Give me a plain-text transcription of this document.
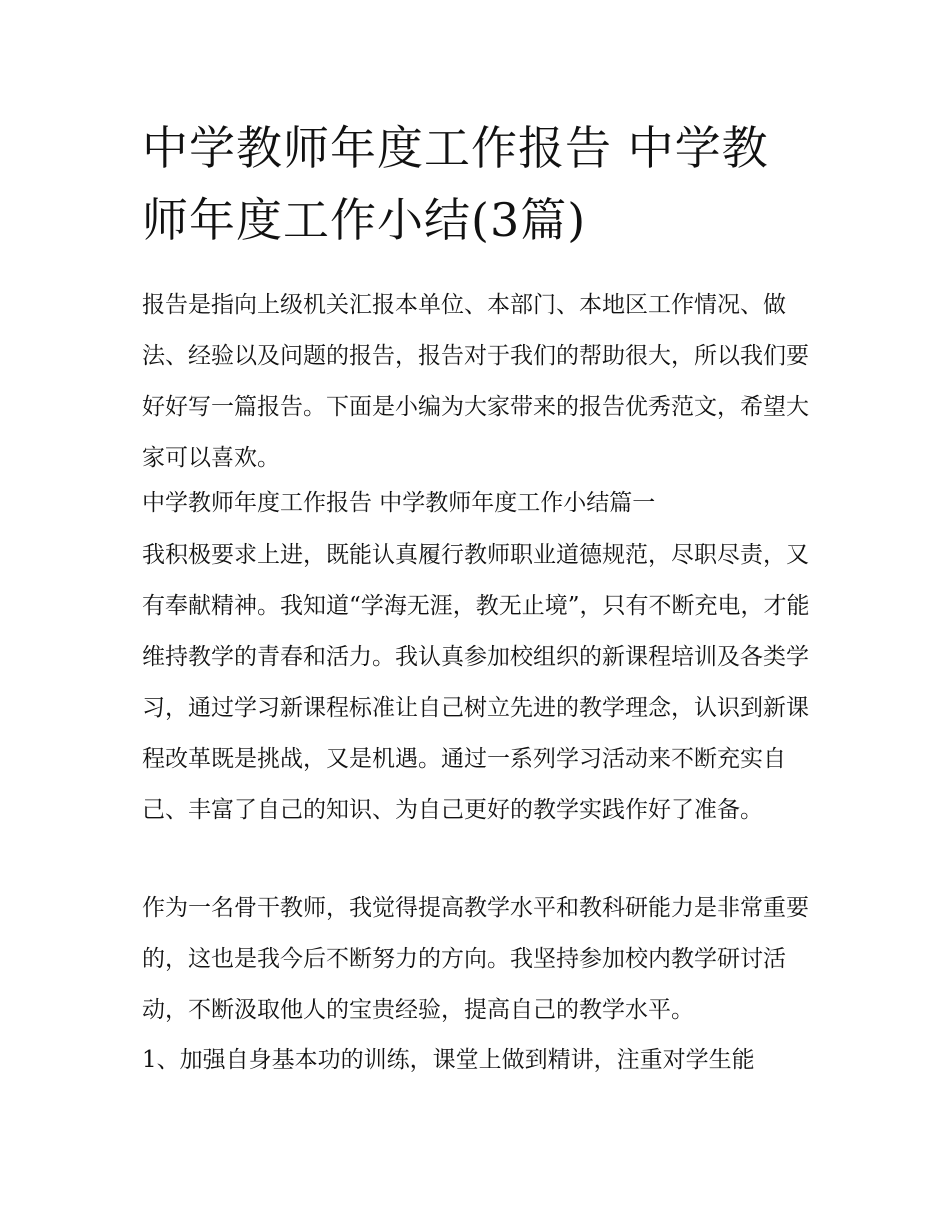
中学教师年度工作报告 中学教师年度工作小结(3篇)

报告是指向上级机关汇报本单位、本部门、本地区工作情况、做法、经验以及问题的报告，报告对于我们的帮助很大，所以我们要好好写一篇报告。下面是小编为大家带来的报告优秀范文，希望大家可以喜欢。

中学教师年度工作报告 中学教师年度工作小结篇一

我积极要求上进，既能认真履行教师职业道德规范，尽职尽责，又有奉献精神。我知道“学海无涯，教无止境”，只有不断充电，才能维持教学的青春和活力。我认真参加校组织的新课程培训及各类学习，通过学习新课程标准让自己树立先进的教学理念，认识到新课程改革既是挑战，又是机遇。通过一系列学习活动来不断充实自己、丰富了自己的知识、为自己更好的教学实践作好了准备。

作为一名骨干教师，我觉得提高教学水平和教科研能力是非常重要的，这也是我今后不断努力的方向。我坚持参加校内教学研讨活动，不断汲取他人的宝贵经验，提高自己的教学水平。

1、加强自身基本功的训练，课堂上做到精讲，注重对学生能
